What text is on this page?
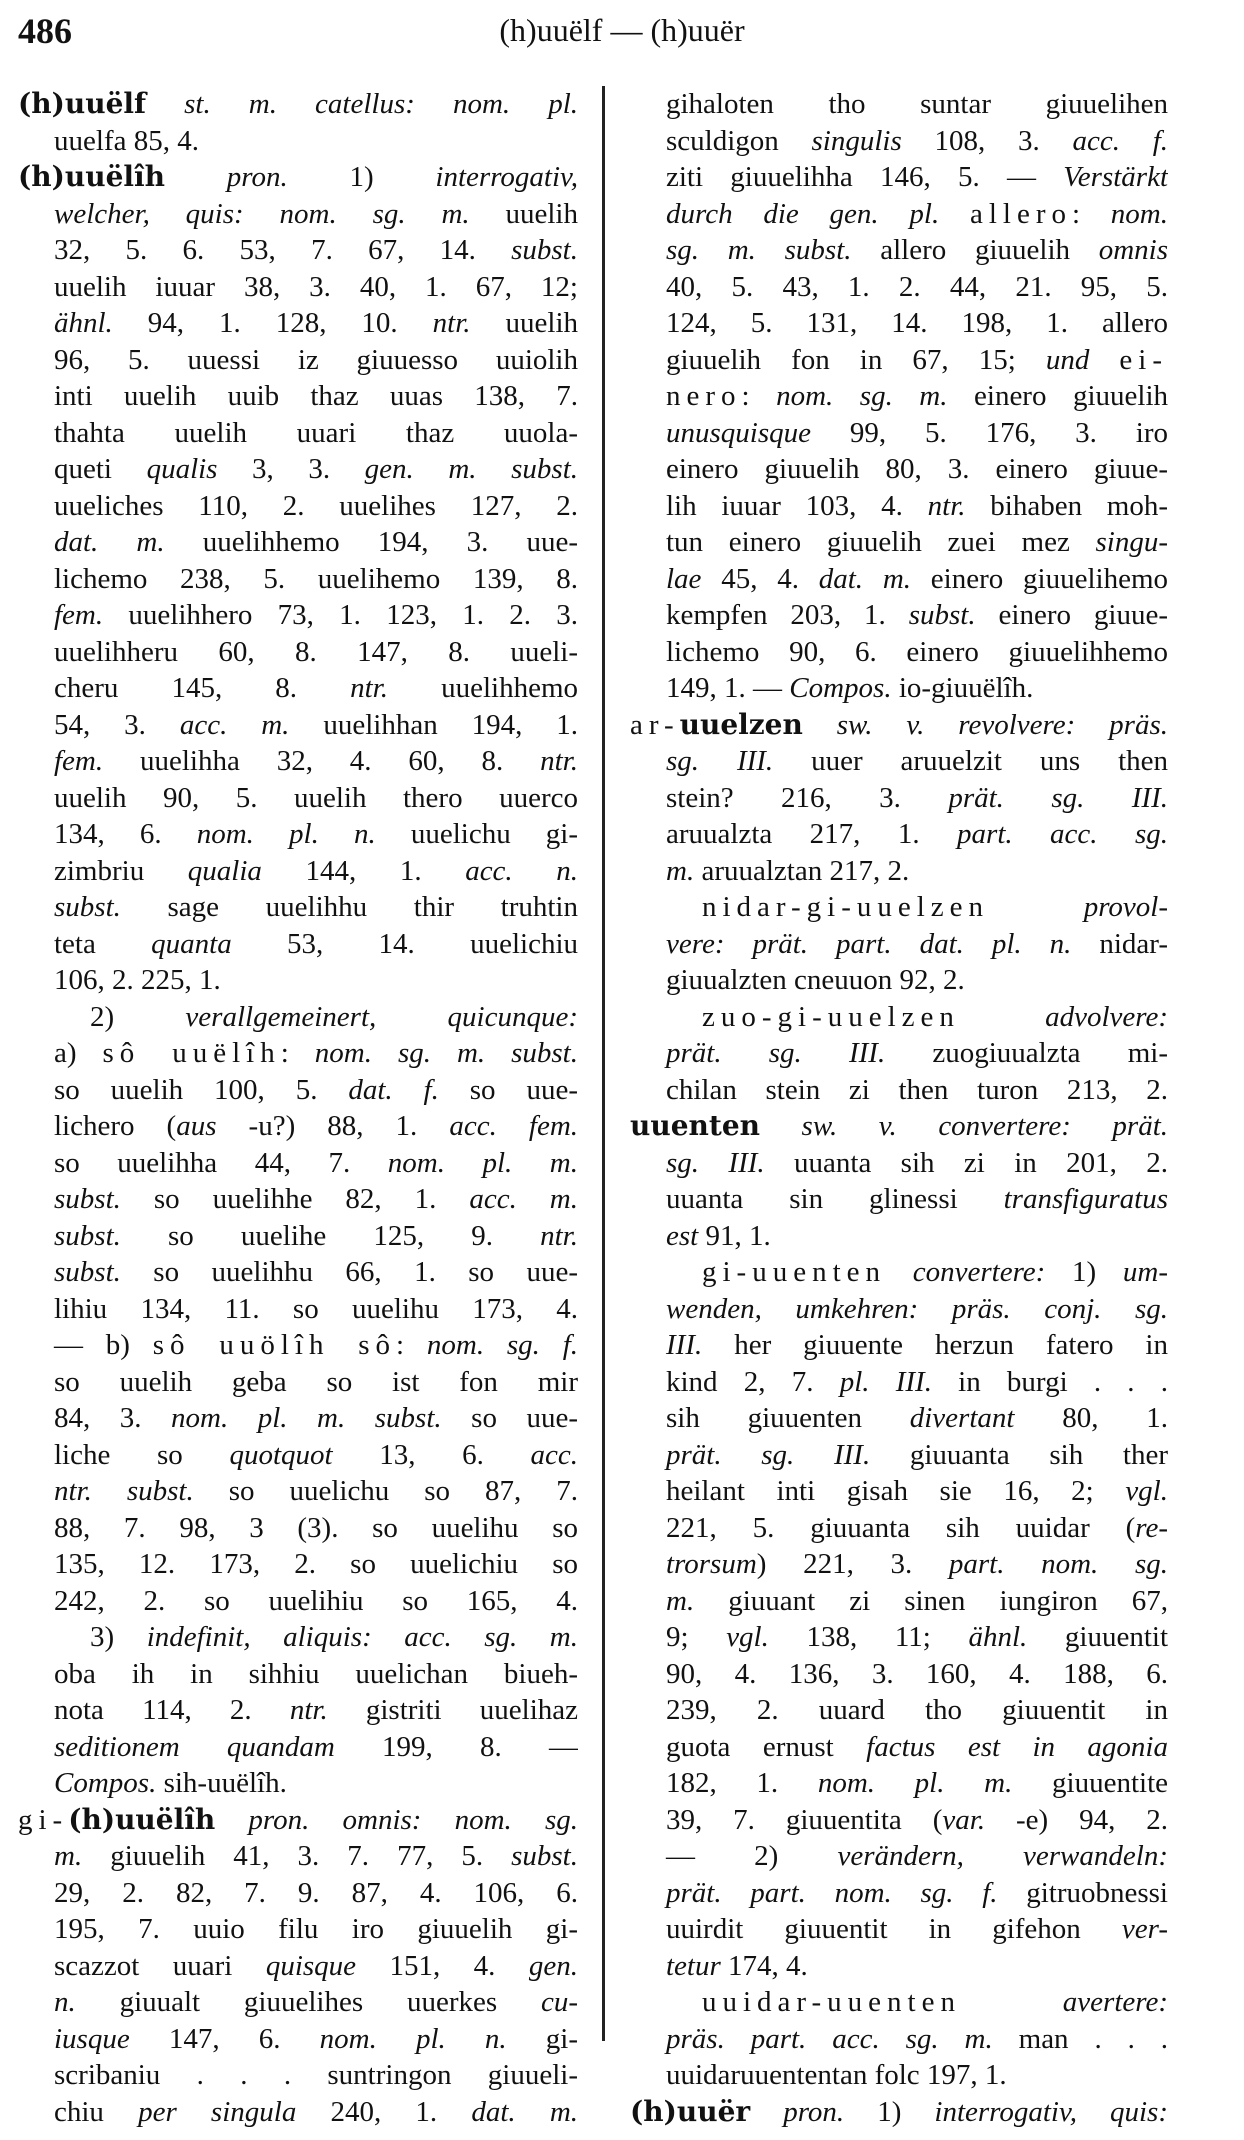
486	(h)uuëlf — (h)uuër
(h)uuëlf st. m. catellus: nom. pl.
uuelfa 85, 4.
(h)uuëlîh pron. 1) interrogativ,
welcher, quis: nom. sg. m. uuelih
32, 5. 6. 53, 7. 67, 14. subst.
uuelih iuuar 38, 3. 40, 1. 67, 12;
ähnl. 94, 1. 128, 10. ntr. uuelih
96, 5. uuessi iz giuuesso uuiolih
inti uuelih uuib thaz uuas 138, 7.
thahta uuelih uuari thaz uuola-
queti qualis 3, 3. gen. m. subst.
uueliches 110, 2. uuelihes 127, 2.
dat. m. uuelihhemo 194, 3. uue-
lichemo 238, 5. uuelihemo 139, 8.
fem. uuelihhero 73, 1. 123, 1. 2. 3.
uuelihheru 60, 8. 147, 8. uueli-
cheru 145, 8. ntr. uuelihhemo
54, 3. acc. m. uuelihhan 194, 1.
fem. uuelihha 32, 4. 60, 8. ntr.
uuelih 90, 5. uuelih thero uuerco
134, 6. nom. pl. n. uuelichu gi-
zimbriu qualia 144, 1. acc. n.
subst. sage uuelihhu thir truhtin
teta quanta 53, 14. uuelichiu
106, 2. 225, 1.
2) verallgemeinert, quicunque:
a) sô uuëlîh: nom. sg. m. subst.
so uuelih 100, 5. dat. f. so uue-
lichero (aus -u?) 88, 1. acc. fem.
so uuelihha 44, 7. nom. pl. m.
subst. so uuelihhe 82, 1. acc. m.
subst. so uuelihe 125, 9. ntr.
subst. so uuelihhu 66, 1. so uue-
lihiu 134, 11. so uuelihu 173, 4.
— b) sô uuölîh sô: nom. sg. f.
so uuelih geba so ist fon mir
84, 3. nom. pl. m. subst. so uue-
liche so quotquot 13, 6. acc.
ntr. subst. so uuelichu so 87, 7.
88, 7. 98, 3 (3). so uuelihu so
135, 12. 173, 2. so uuelichiu so
242, 2. so uuelihiu so 165, 4.
3) indefinit, aliquis: acc. sg. m.
oba ih in sihhiu uuelichan biueh-
nota 114, 2. ntr. gistriti uuelihaz
seditionem quandam 199, 8. —
Compos. sih-uuëlîh.
gi-(h)uuëlîh pron. omnis: nom. sg.
m. giuuelih 41, 3. 7. 77, 5. subst.
29, 2. 82, 7. 9. 87, 4. 106, 6.
195, 7. uuio filu iro giuuelih gi-
scazzot uuari quisque 151, 4. gen.
n. giuualt giuuelihes uuerkes cu-
iusque 147, 6. nom. pl. n. gi-
scribaniu . . . suntringon giuueli-
chiu per singula 240, 1. dat. m.
gihaloten tho suntar giuuelihen
sculdigon singulis 108, 3. acc. f.
ziti giuuelihha 146, 5. — Verstärkt
durch die gen. pl. allero: nom.
sg. m. subst. allero giuuelih omnis
40, 5. 43, 1. 2. 44, 21. 95, 5.
124, 5. 131, 14. 198, 1. allero
giuuelih fon in 67, 15; und ei-
nero: nom. sg. m. einero giuuelih
unusquisque 99, 5. 176, 3. iro
einero giuuelih 80, 3. einero giuue-
lih iuuar 103, 4. ntr. bihaben moh-
tun einero giuuelih zuei mez singu-
lae 45, 4. dat. m. einero giuuelihemo
kempfen 203, 1. subst. einero giuue-
lichemo 90, 6. einero giuuelihhemo
149, 1. — Compos. io-giuuëlîh.
ar-uuelzen sw. v. revolvere: präs.
sg. III. uuer aruuelzit uns then
stein? 216, 3. prät. sg. III.
aruualzta 217, 1. part. acc. sg.
m. aruualztan 217, 2.
nidar-gi-uuelzen	provol-
vere: prät. part. dat. pl. n. nidar-
giuualzten cneuuon 92, 2.
zuo-gi-uuelzen	advolvere:
prät. sg. III. zuogiuualzta mi-
chilan stein zi then turon 213, 2.
uuenten sw. v. convertere: prät.
sg. III. uuanta sih zi in 201, 2.
uuanta sin glinessi transfiguratus
est 91, 1.
gi-uuenten convertere: 1) um-
wenden, umkehren: präs. conj. sg.
III. her giuuente herzun fatero in
kind 2, 7. pl. III. in burgi . . .
sih giuuenten divertant 80, 1.
prät. sg. III. giuuanta sih ther
heilant inti gisah sie 16, 2; vgl.
221, 5. giuuanta sih uuidar (re-
trorsum) 221, 3. part. nom. sg.
m. giuuant zi sinen iungiron 67,
9; vgl. 138, 11; ähnl. giuuentit
90, 4. 136, 3. 160, 4. 188, 6.
239, 2. uuard tho giuuentit in
guota ernust factus est in agonia
182, 1. nom. pl. m. giuuentite
39, 7. giuuentita (var. -e) 94, 2.
— 2) verändern, verwandeln:
prät. part. nom. sg. f. gitruobnessi
uuirdit giuuentit in gifehon ver-
tetur 174, 4.
uuidar-uuenten	avertere:
präs. part. acc. sg. m. man . . .
uuidaruuententan folc 197, 1.
(h)uuër pron. 1) interrogativ, quis:
